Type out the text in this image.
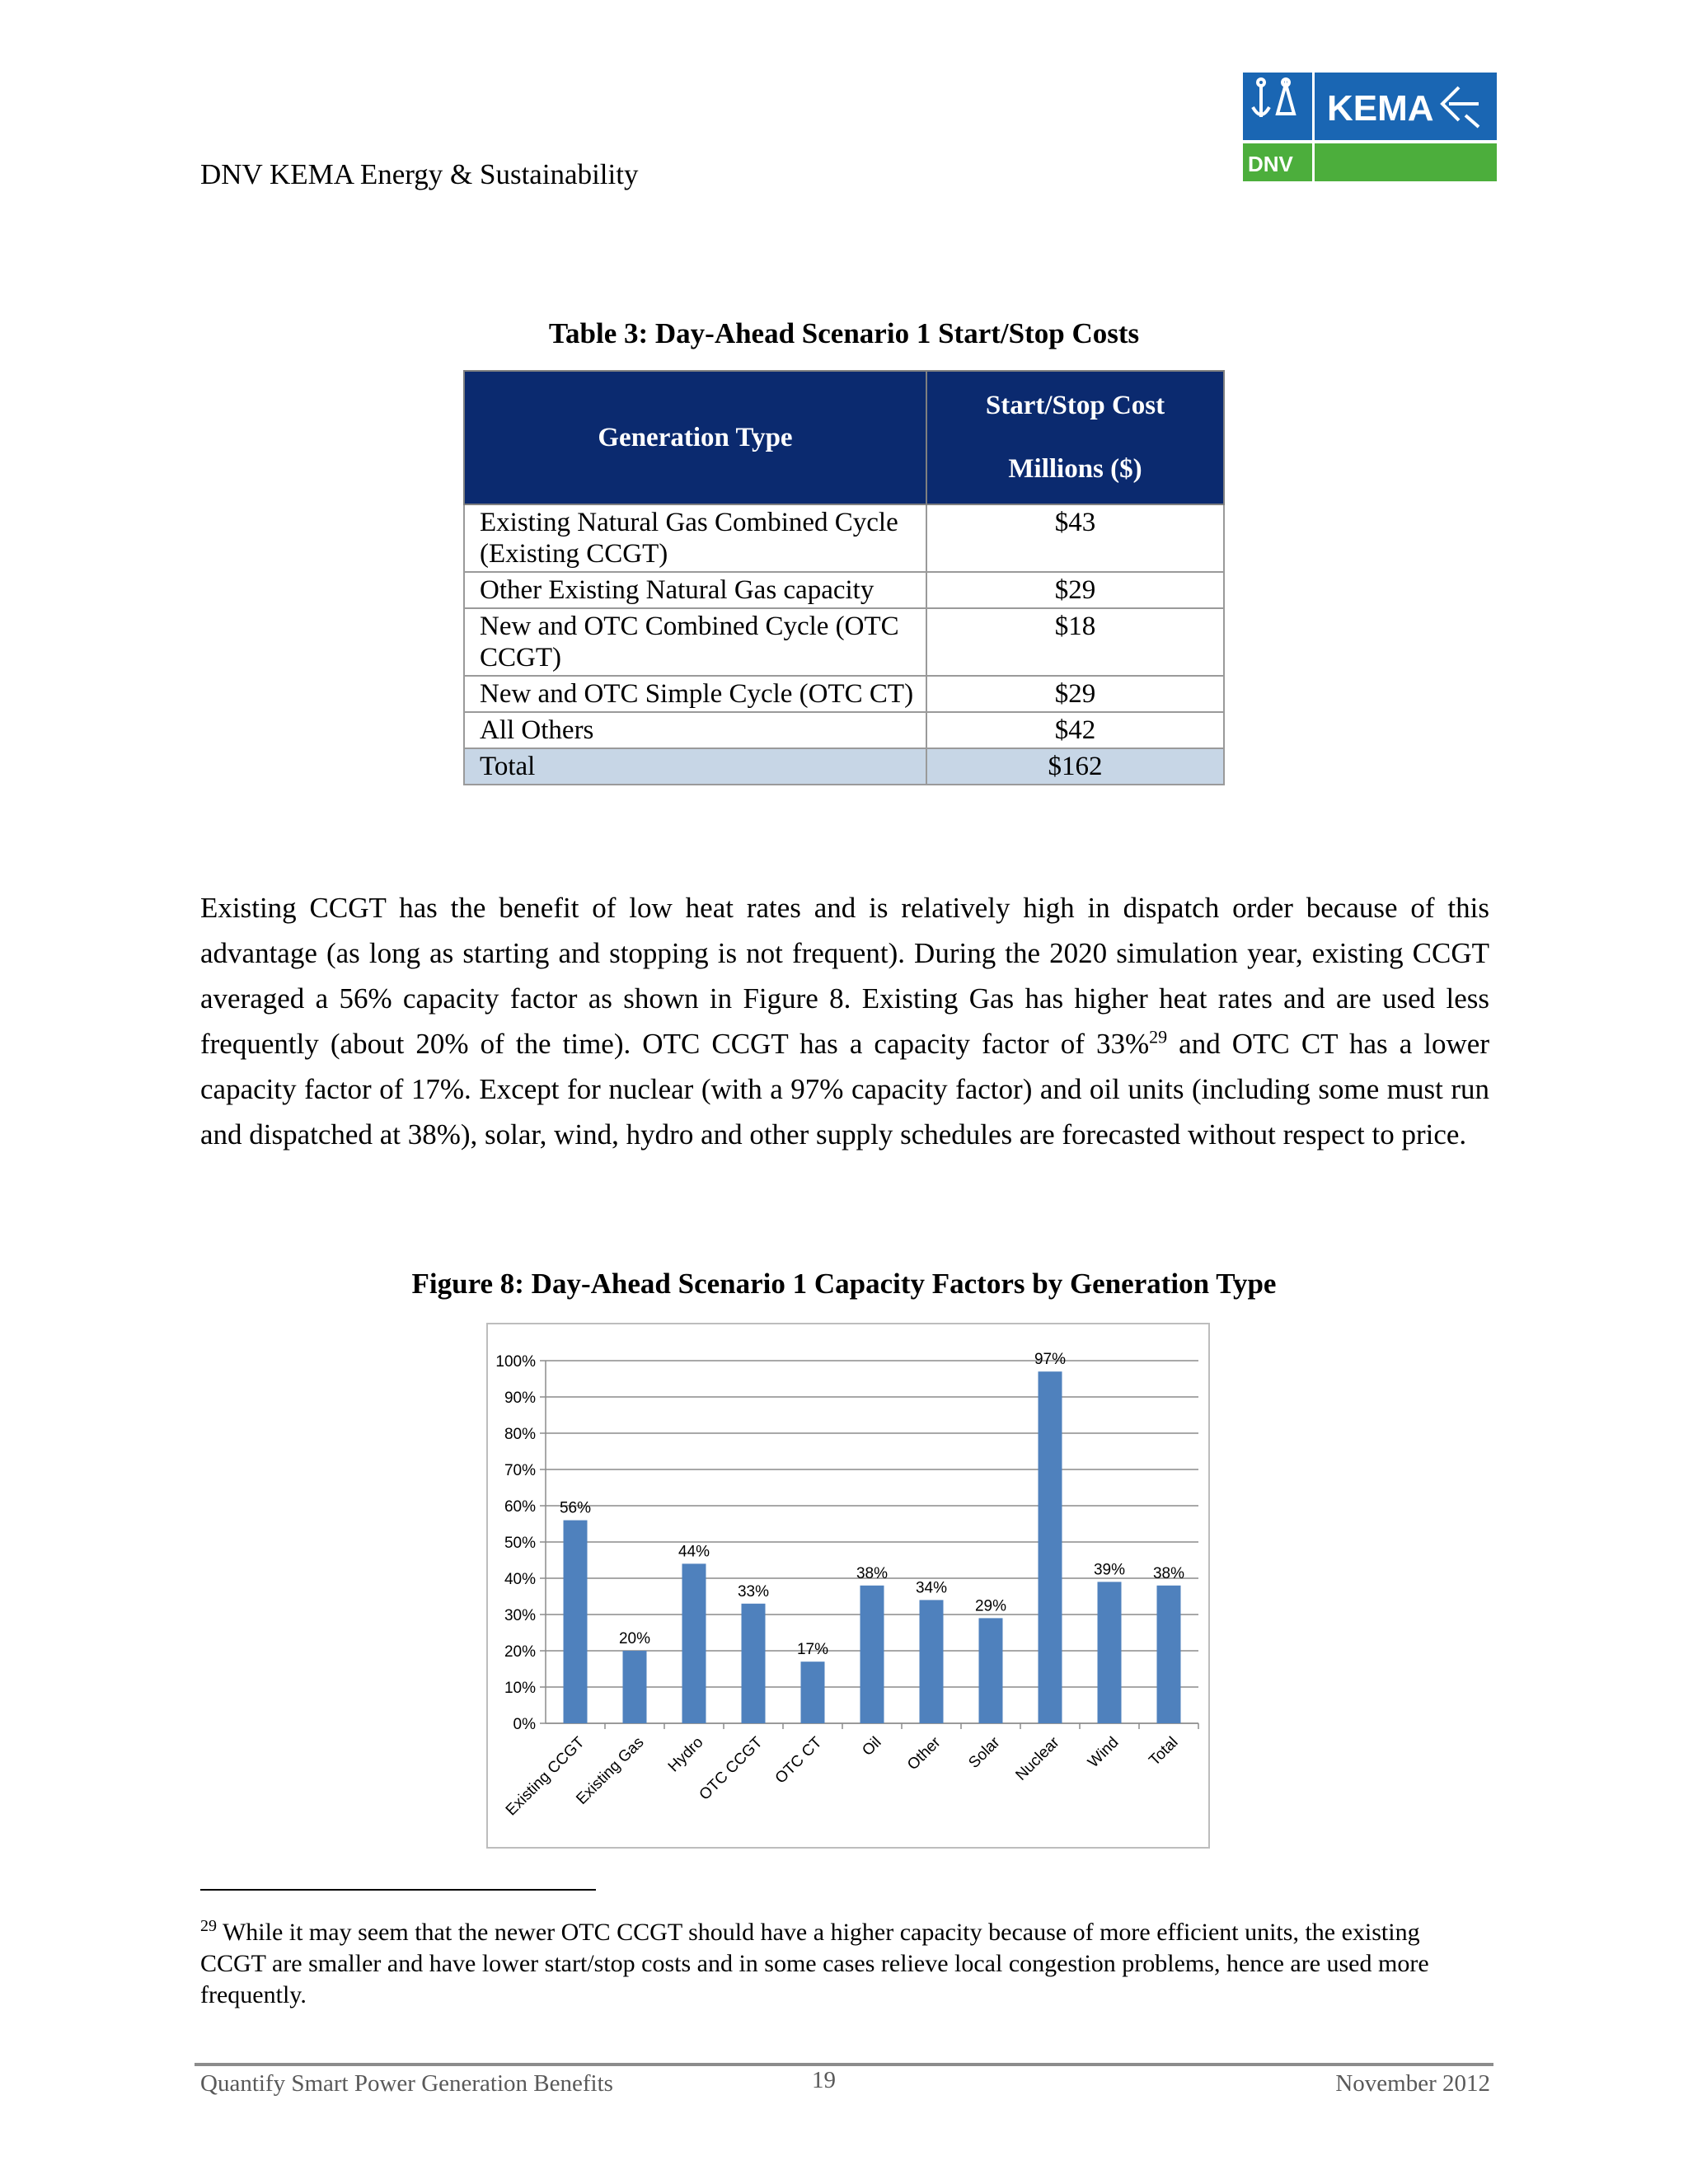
DNV KEMA Energy & Sustainability
KEMA
DNV
Table 3: Day-Ahead Scenario 1 Start/Stop Costs
Generation Type	Start/Stop Cost
Millions ($)

Existing Natural Gas Combined Cycle (Existing CCGT)	$43
Other Existing Natural Gas capacity	$29
New and OTC Combined Cycle (OTC CCGT)	$18
New and OTC Simple Cycle (OTC CT)	$29
All Others	$42
Total	$162
Existing CCGT has the benefit of low heat rates and is relatively high in dispatch order because of this advantage (as long as starting and stopping is not frequent). During the 2020 simulation year, existing CCGT averaged a 56% capacity factor as shown in Figure 8. Existing Gas has higher heat rates and are used less frequently (about 20% of the time). OTC CCGT has a capacity factor of 33%$^{29}$ and OTC CT has a lower capacity factor of 17%. Except for nuclear (with a 97% capacity factor) and oil units (including some must run and dispatched at 38%), solar, wind, hydro and other supply schedules are forecasted without respect to price.
Figure 8: Day-Ahead Scenario 1 Capacity Factors by Generation Type
0%
10%
20%
30%
40%
50%
60%
70%
80%
90%
100%
56%
Existing CCGT
20%
Existing Gas
44%
Hydro
33%
OTC CCGT
17%
OTC CT
38%
Oil
34%
Other
29%
Solar
97%
Nuclear
39%
Wind
38%
Total
$^{29}$ While it may seem that the newer OTC CCGT should have a higher capacity because of more efficient units, the existing CCGT are smaller and have lower start/stop costs and in some cases relieve local congestion problems, hence are used more frequently.
Quantify Smart Power Generation Benefits	19	November 2012
